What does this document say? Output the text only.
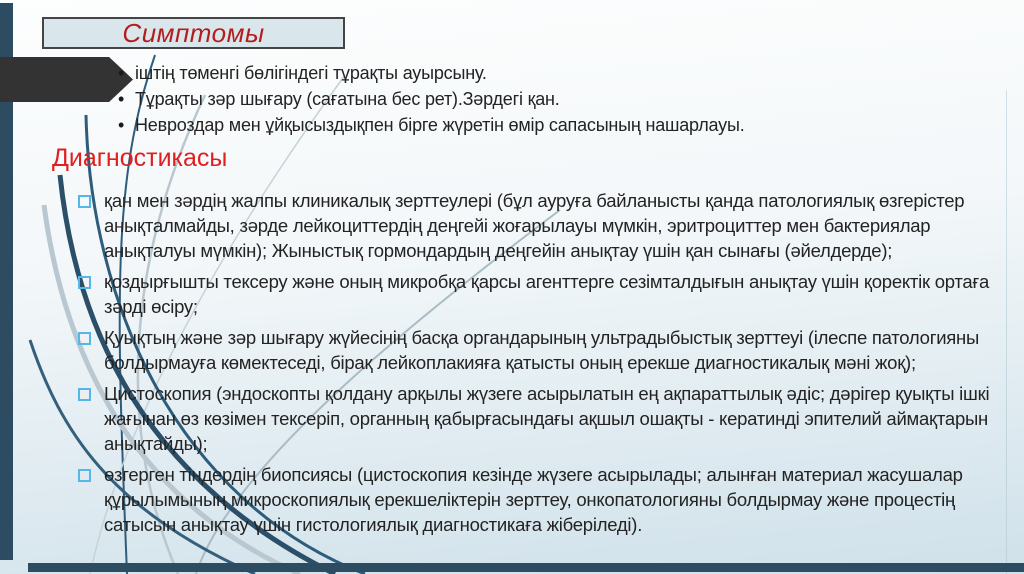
Симптомы
• іштің төменгі бөлігіндегі тұрақты ауырсыну.
• Тұрақты зәр шығару (сағатына бес рет).Зәрдегі қан.
• Невроздар мен ұйқысыздықпен бірге жүретін өмір сапасының нашарлауы.
Диагностикасы
қан мен зәрдің жалпы клиникалық зерттеулері (бұл ауруға байланысты қанда патологиялық өзгерістер анықталмайды, зәрде лейкоциттердің деңгейі жоғарылауы мүмкін, эритроциттер мен бактериялар анықталуы мүмкін); Жыныстық гормондардың деңгейін анықтау үшін қан сынағы (әйелдерде);
қоздырғышты тексеру және оның микробқа қарсы агенттерге сезімталдығын анықтау үшін қоректік ортаға зәрді өсіру;
Қуықтың және зәр шығару жүйесінің басқа органдарының ультрадыбыстық зерттеуі (ілеспе патологияны болдырмауға көмектеседі, бірақ лейкоплакияға қатысты оның ерекше диагностикалық мәні жоқ);
Цистоскопия (эндоскопты қолдану арқылы жүзеге асырылатын ең ақпараттылық әдіс; дәрігер қуықты ішкі жағынан өз көзімен тексеріп, органның қабырғасындағы ақшыл ошақты - кератинді эпителий аймақтарын анықтайды);
өзгерген тіндердің биопсиясы (цистоскопия кезінде жүзеге асырылады; алынған материал жасушалар құрылымының микроскопиялық ерекшеліктерін зерттеу, онкопатологияны болдырмау және процестің сатысын анықтау үшін гистологиялық диагностикаға жіберіледі).
